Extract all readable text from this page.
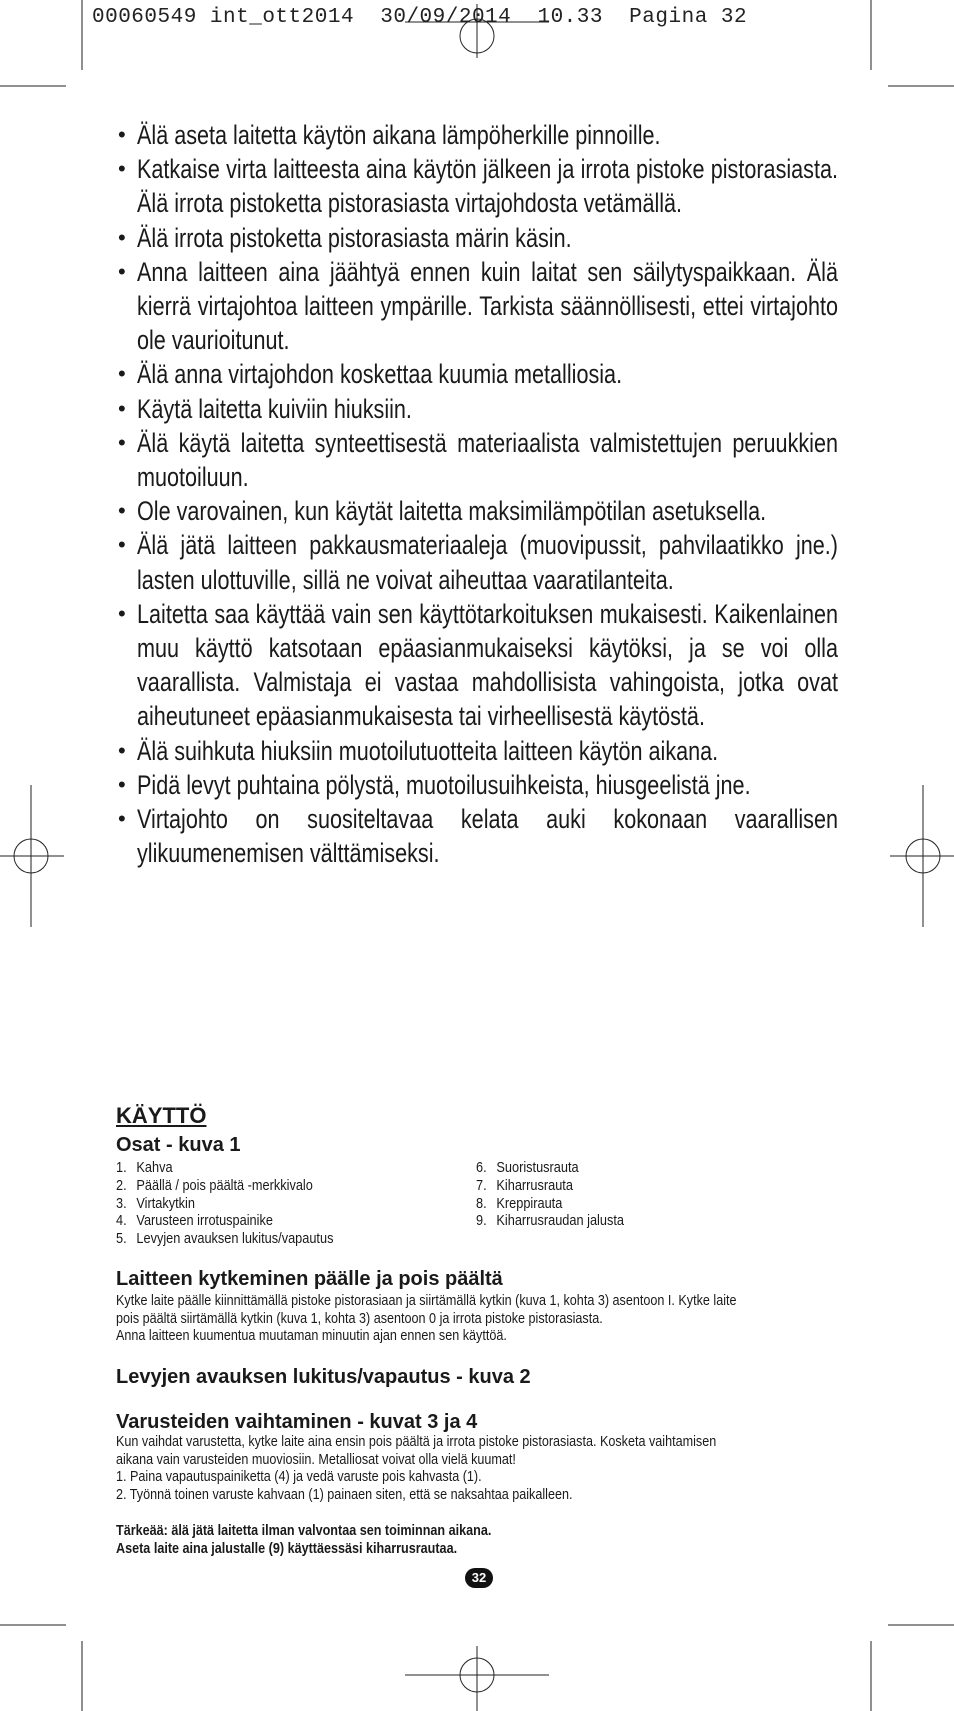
00060549 int_ott2014  30/09/2014  10.33  Pagina 32
• Älä aseta laitetta käytön aikana lämpöherkille pinnoille.
• Katkaise virta laitteesta aina käytön jälkeen ja irrota pistoke pistorasiasta. Älä irrota pistoketta pistorasiasta virtajohdosta vetämällä.
• Älä irrota pistoketta pistorasiasta märin käsin.
• Anna laitteen aina jäähtyä ennen kuin laitat sen säilytyspaikkaan. Älä kierrä virtajohtoa laitteen ympärille. Tarkista säännöllisesti, ettei virtajohto ole vaurioitunut.
• Älä anna virtajohdon koskettaa kuumia metalliosia.
• Käytä laitetta kuiviin hiuksiin.
• Älä käytä laitetta synteettisestä materiaalista valmistettujen peruukkien muotoiluun.
• Ole varovainen, kun käytät laitetta maksimilämpötilan asetuksella.
• Älä jätä laitteen pakkausmateriaaleja (muovipussit, pahvilaatikko jne.) lasten ulottuville, sillä ne voivat aiheuttaa vaaratilanteita.
• Laitetta saa käyttää vain sen käyttötarkoituksen mukaisesti. Kaikenlainen muu käyttö katsotaan epäasianmukaiseksi käytöksi, ja se voi olla vaarallista. Valmistaja ei vastaa mahdollisista vahingoista, jotka ovat aiheutuneet epäasianmukaisesta tai virheellisestä käytöstä.
• Älä suihkuta hiuksiin muotoilutuotteita laitteen käytön aikana.
• Pidä levyt puhtaina pölystä, muotoilusuihkeista, hiusgeelistä jne.
• Virtajohto on suositeltavaa kelata auki kokonaan vaarallisen ylikuumenemisen välttämiseksi.
KÄYTTÖ
Osat - kuva 1
1. Kahva
2. Päällä / pois päältä -merkkivalo
3. Virtakytkin
4. Varusteen irrotuspainike
5. Levyjen avauksen lukitus/vapautus
6. Suoristusrauta
7. Kiharrusrauta
8. Kreppirauta
9. Kiharrusraudan jalusta
Laitteen kytkeminen päälle ja pois päältä

Kytke laite päälle kiinnittämällä pistoke pistorasiaan ja siirtämällä kytkin (kuva 1, kohta 3) asentoon I. Kytke laite

pois päältä siirtämällä kytkin (kuva 1, kohta 3) asentoon 0 ja irrota pistoke pistorasiasta.

Anna laitteen kuumentua muutaman minuutin ajan ennen sen käyttöä.

Levyjen avauksen lukitus/vapautus - kuva 2
Varusteiden vaihtaminen - kuvat 3 ja 4

Kun vaihdat varustetta, kytke laite aina ensin pois päältä ja irrota pistoke pistorasiasta. Kosketa vaihtamisen

aikana vain varusteiden muoviosiin. Metalliosat voivat olla vielä kuumat!

1. Paina vapautuspainiketta (4) ja vedä varuste pois kahvasta (1).

2. Työnnä toinen varuste kahvaan (1) painaen siten, että se naksahtaa paikalleen.

Tärkeää: älä jätä laitetta ilman valvontaa sen toiminnan aikana.

Aseta laite aina jalustalle (9) käyttäessäsi kiharrusrautaa.

32
